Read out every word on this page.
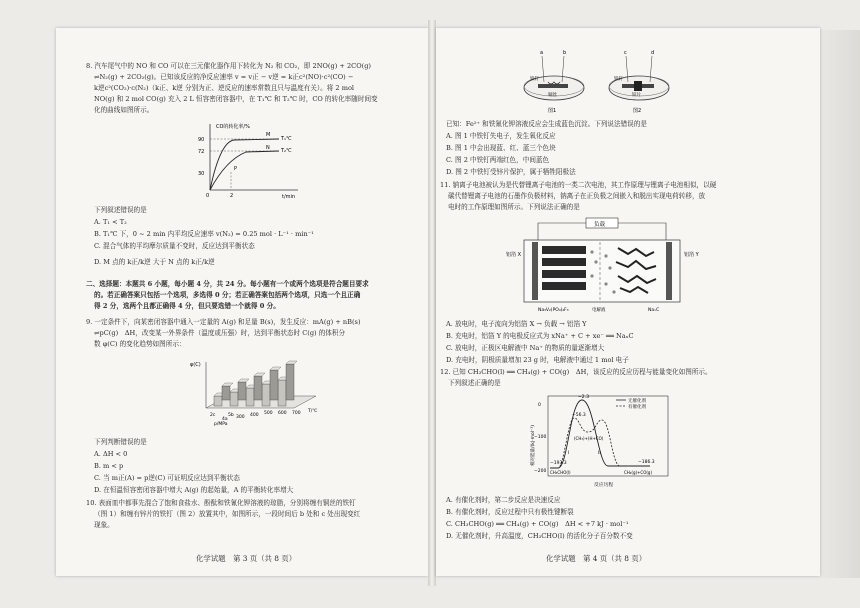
8. 汽车尾气中的 NO 和 CO 可以在三元催化器作用下转化为 N₂ 和 CO₂，即 2NO(g) + 2CO(g)
⇌N₂(g) + 2CO₂(g)。已知该反应的净反应速率 v = v正 − v逆 = k正c²(NO)·c²(CO) −
k逆c²(CO₂)·c(N₂)（k正、k逆 分别为正、逆反应的速率常数且只与温度有关）。将 2 mol
NO(g) 和 2 mol CO(g) 充入 2 L 恒容密闭容器中，在 T₁℃ 和 T₂℃ 时，CO 的转化率随时间变
化的曲线如图所示。
CO的转化率/%
t/min
90
72
30
0	2
T₁℃
T₂℃
M
N
P
下列叙述错误的是
A. T₁ < T₂
B. T₁℃ 下，0 ~ 2 min 内平均反应速率 v(N₂) = 0.25 mol · L⁻¹ · min⁻¹
C. 混合气体的平均摩尔质量不变时，反应达到平衡状态
D. M 点的 k正/k逆 大于 N 点的 k正/k逆
二、选择题：本题共 6 小题，每小题 4 分，共 24 分。每小题有一个或两个选项是符合题目要求
的。若正确答案只包括一个选项，多选得 0 分；若正确答案包括两个选项，只选一个且正确
得 2 分，选两个且都正确得 4 分，但只要选错一个就得 0 分。
9. 一定条件下，向某密闭容器中通入一定量的 A(g) 和足量 B(s)，发生反应：mA(g) + nB(s)
⇌pC(g)　ΔH，改变某一外界条件（温度或压强）时，达到平衡状态时 C(g) 的体积分
数 φ(C) 的变化趋势如图所示：
φ(C)
2c
4a 300 400 500 600 700 T/℃
p/MPa
5b
下列判断错误的是
A. ΔH < 0
B. m < p
C. 当 m正(A) = p逆(C) 可证明反应达到平衡状态
D. 在恒温恒容密闭容器中增大 A(g) 的起始量，A 的平衡转化率增大
10. 表面皿中都事先混合了饱和食盐水、酚酞和铁氰化钾溶液的琼脂，分别将缠有铜丝的铁钉
（图 1）和缠有锌片的铁钉（图 2）放置其中，如图所示，一段时间后 b 处和 c 处出现变红
现象。
化学试题　第 3 页（共 8 页）
a	b	c	d
铁钉
铜丝
铁钉
锌片
图1	图2
已知：Fe²⁺ 和铁氰化钾溶液反应会生成蓝色沉淀。下列说法错误的是
A. 图 1 中铁钉失电子，发生氧化反应
B. 图 1 中会出现蓝、红、蓝三个色块
C. 图 2 中铁钉两端红色，中间蓝色
D. 图 2 中铁钉受锌片保护，属于牺牲阳极法
11. 钠离子电池被认为是代替锂离子电池的一类二次电池，其工作原理与锂离子电池相似，以硬
碳代替锂离子电池的石墨作负极材料，钠离子在正负极之间嵌入和脱出实现电荷转移，放
电时的工作原理如图所示。下列说法正确的是
负载
铝箔 X	铝箔 Y
Na₃V₂(PO₄)₂F₃	电解液	NaₓC
A. 放电时，电子流向为铝箔 X → 负载 → 铝箔 Y
B. 充电时，铝箔 Y 的电极反应式为 xNa⁺ + C + xe⁻ ══ NaₓC
C. 放电时，正极区电解液中 Na⁺ 的物质的量逐渐增大
D. 充电时，阴极质量增加 23 g 时，电解液中通过 1 mol 电子
12. 已知 CH₃CHO(l) ══ CH₄(g) + CO(g)　ΔH，该反应的反应历程与能量变化如图所示。
下列叙述正确的是
相对能量/(kJ·mol⁻¹)
0
−100
−200
无催化剂
有催化剂
−2.3
−56.3
−193.3	−186.3
(CH₃)+(H+CO)
CH₃CHO(l)	CH₄(g)+CO(g)
I	II
反应历程
A. 有催化剂时，第二步反应是决速反应
B. 有催化剂时，反应过程中只有极性键断裂
C. CH₃CHO(g) ══ CH₄(g) + CO(g)　ΔH < +7 kJ · mol⁻¹
D. 无催化剂时，升高温度，CH₃CHO(l) 的活化分子百分数不变
化学试题　第 4 页（共 8 页）
